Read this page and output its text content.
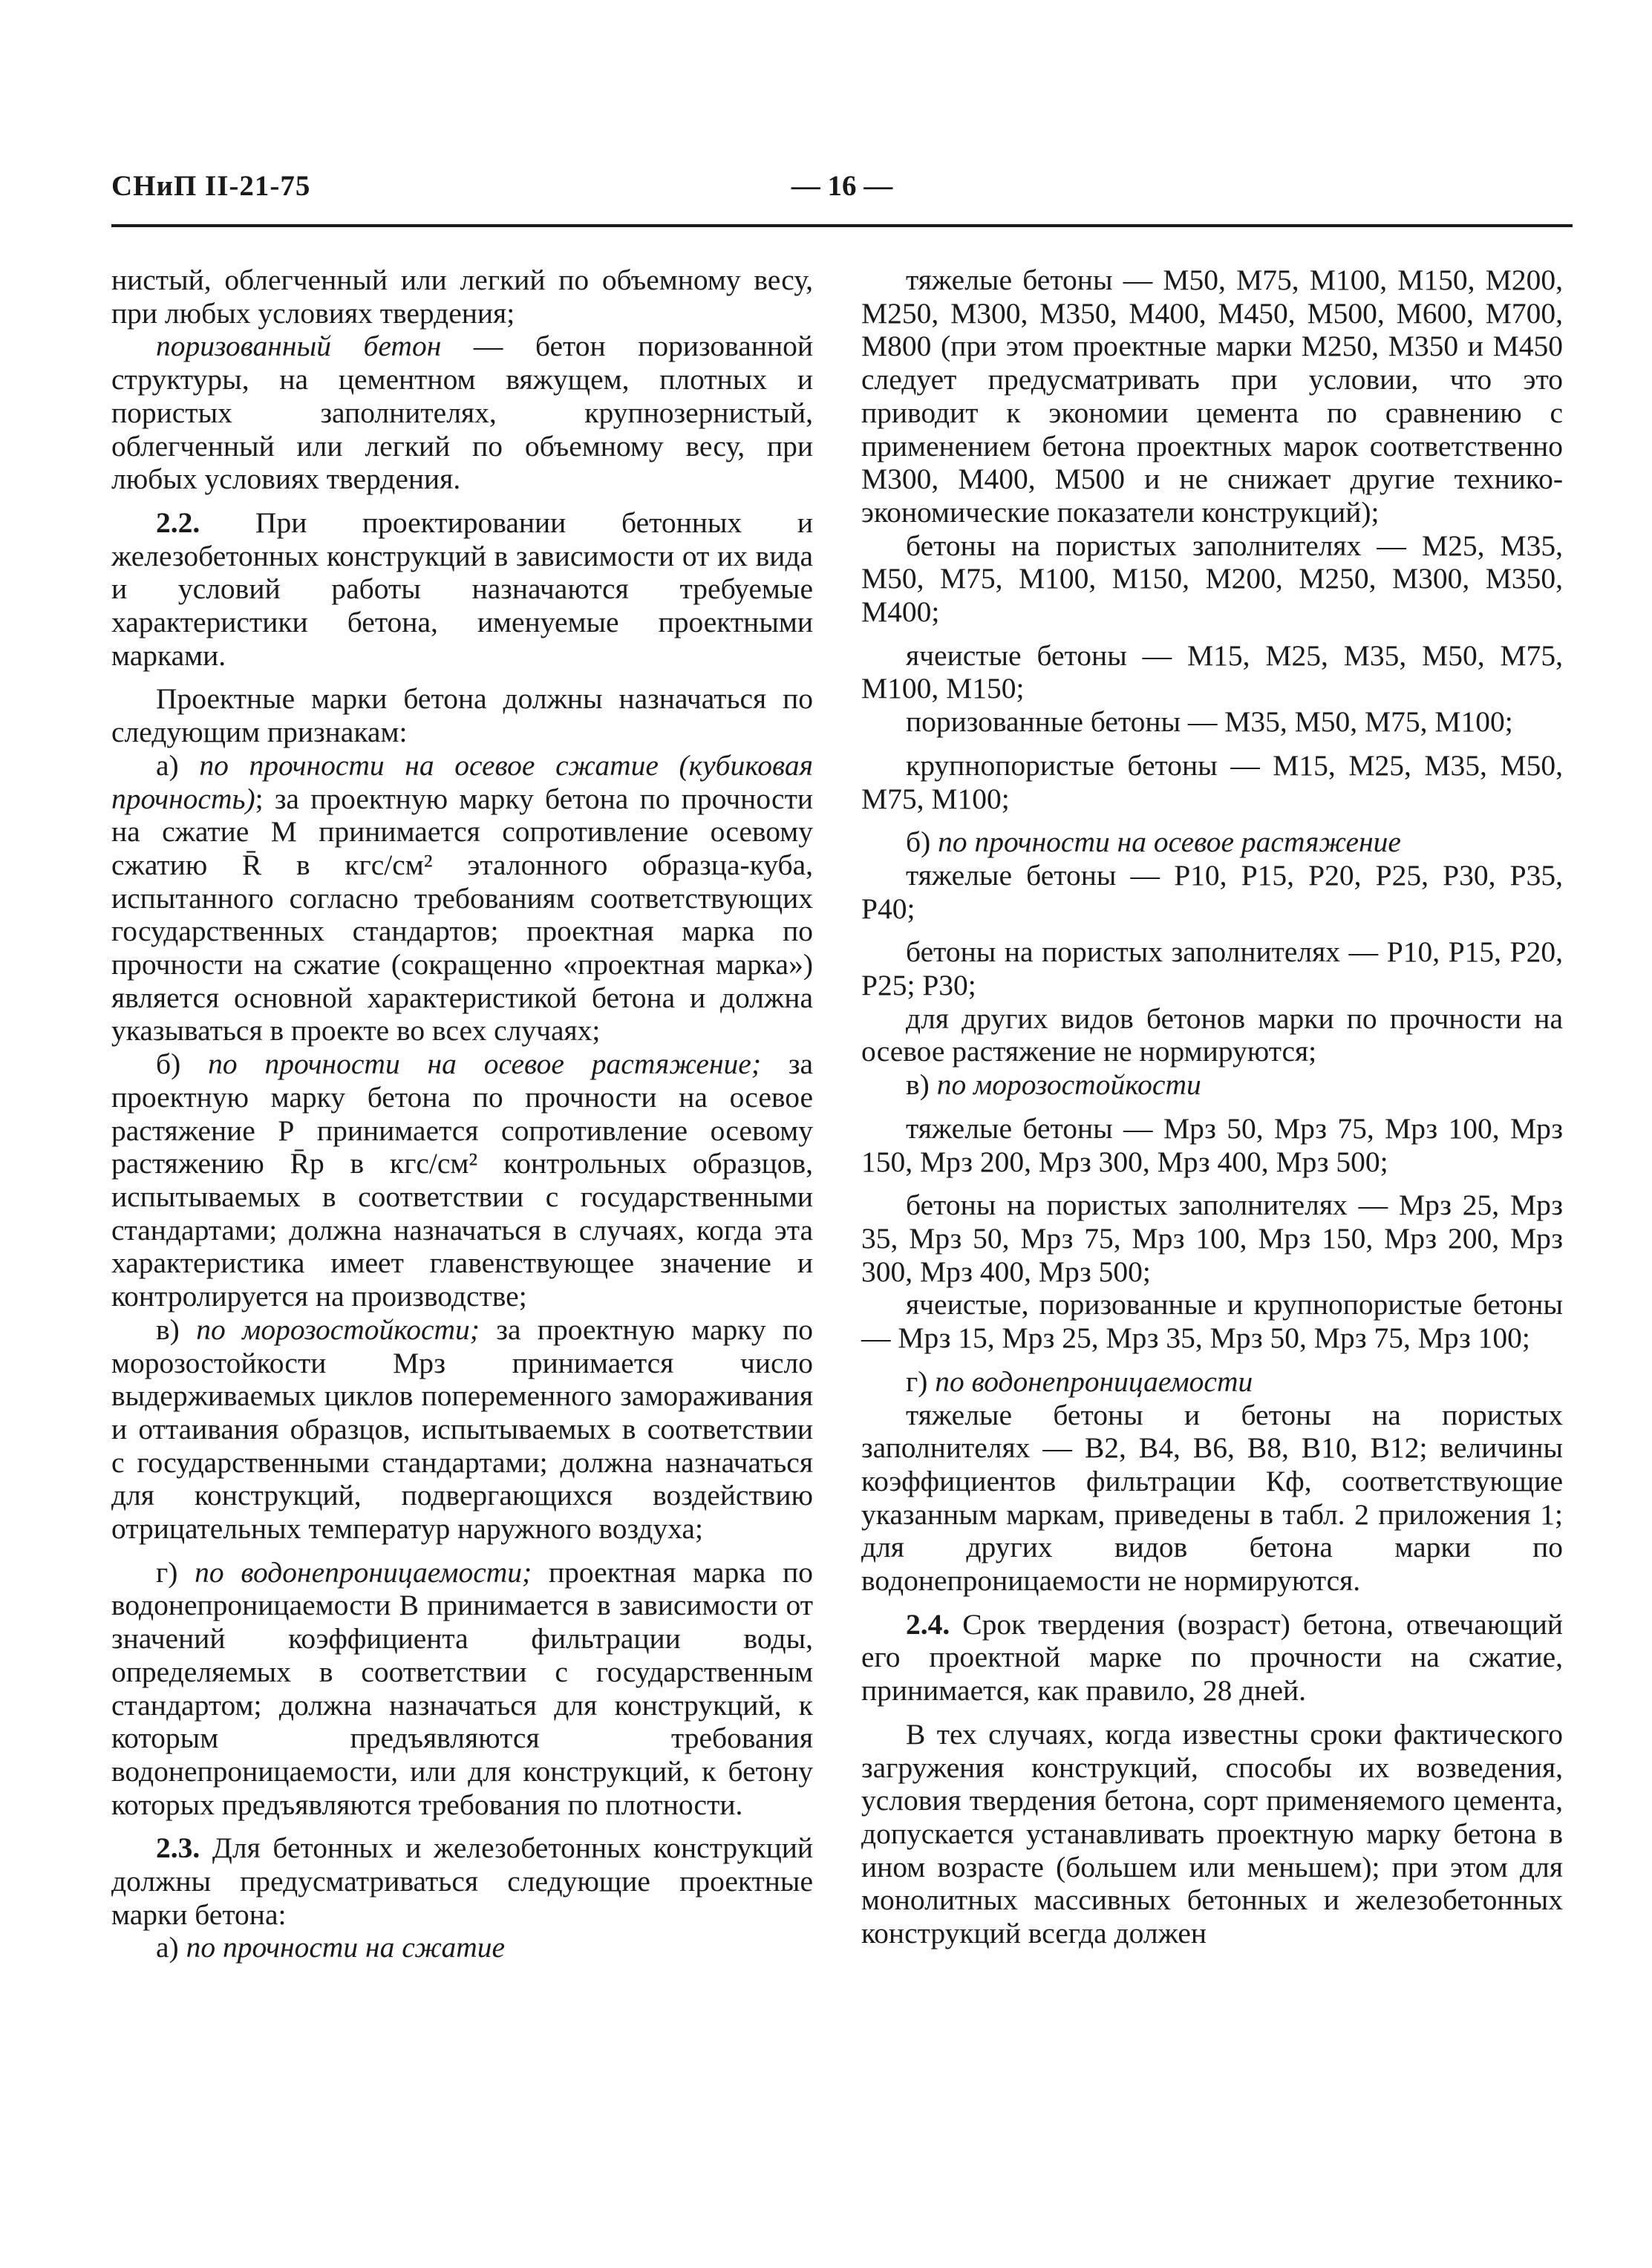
СНиП II-21-75	— 16 —

нистый, облегченный или легкий по объемному весу, при любых условиях твердения;

поризованный бетон — бетон поризованной структуры, на цементном вяжущем, плотных и пористых заполнителях, крупнозернистый, облегченный или легкий по объемному весу, при любых условиях твердения.

2.2. При проектировании бетонных и железобетонных конструкций в зависимости от их вида и условий работы назначаются требуемые характеристики бетона, именуемые проектными марками.

Проектные марки бетона должны назначаться по следующим признакам:

а) по прочности на осевое сжатие (кубиковая прочность); за проектную марку бетона по прочности на сжатие М принимается сопротивление осевому сжатию R̄ в кгс/см² эталонного образца-куба, испытанного согласно требованиям соответствующих государственных стандартов; проектная марка по прочности на сжатие (сокращенно «проектная марка») является основной характеристикой бетона и должна указываться в проекте во всех случаях;

б) по прочности на осевое растяжение; за проектную марку бетона по прочности на осевое растяжение Р принимается сопротивление осевому растяжению R̄р в кгс/см² контрольных образцов, испытываемых в соответствии с государственными стандартами; должна назначаться в случаях, когда эта характеристика имеет главенствующее значение и контролируется на производстве;

в) по морозостойкости; за проектную марку по морозостойкости Мрз принимается число выдерживаемых циклов попеременного замораживания и оттаивания образцов, испытываемых в соответствии с государственными стандартами; должна назначаться для конструкций, подвергающихся воздействию отрицательных температур наружного воздуха;

г) по водонепроницаемости; проектная марка по водонепроницаемости В принимается в зависимости от значений коэффициента фильтрации воды, определяемых в соответствии с государственным стандартом; должна назначаться для конструкций, к которым предъявляются требования водонепроницаемости, или для конструкций, к бетону которых предъявляются требования по плотности.

2.3. Для бетонных и железобетонных конструкций должны предусматриваться следующие проектные марки бетона:

а) по прочности на сжатие

тяжелые бетоны — М50, М75, М100, М150, М200, М250, М300, М350, М400, М450, М500, М600, М700, М800 (при этом проектные марки М250, М350 и М450 следует предусматривать при условии, что это приводит к экономии цемента по сравнению с применением бетона проектных марок соответственно М300, М400, М500 и не снижает другие технико-экономические показатели конструкций);

бетоны на пористых заполнителях — М25, М35, М50, М75, М100, М150, М200, М250, М300, М350, М400;

ячеистые бетоны — М15, М25, М35, М50, М75, М100, М150;

поризованные бетоны — М35, М50, М75, М100;

крупнопористые бетоны — М15, М25, М35, М50, М75, М100;

б) по прочности на осевое растяжение

тяжелые бетоны — Р10, Р15, Р20, Р25, Р30, Р35, Р40;

бетоны на пористых заполнителях — Р10, Р15, Р20, Р25; Р30;

для других видов бетонов марки по прочности на осевое растяжение не нормируются;

в) по морозостойкости

тяжелые бетоны — Мрз 50, Мрз 75, Мрз 100, Мрз 150, Мрз 200, Мрз 300, Мрз 400, Мрз 500;

бетоны на пористых заполнителях — Мрз 25, Мрз 35, Мрз 50, Мрз 75, Мрз 100, Мрз 150, Мрз 200, Мрз 300, Мрз 400, Мрз 500;

ячеистые, поризованные и крупнопористые бетоны — Мрз 15, Мрз 25, Мрз 35, Мрз 50, Мрз 75, Мрз 100;

г) по водонепроницаемости

тяжелые бетоны и бетоны на пористых заполнителях — В2, В4, В6, В8, В10, В12; величины коэффициентов фильтрации Кф, соответствующие указанным маркам, приведены в табл. 2 приложения 1; для других видов бетона марки по водонепроницаемости не нормируются.

2.4. Срок твердения (возраст) бетона, отвечающий его проектной марке по прочности на сжатие, принимается, как правило, 28 дней.

В тех случаях, когда известны сроки фактического загружения конструкций, способы их возведения, условия твердения бетона, сорт применяемого цемента, допускается устанавливать проектную марку бетона в ином возрасте (большем или меньшем); при этом для монолитных массивных бетонных и железобетонных конструкций всегда должен
